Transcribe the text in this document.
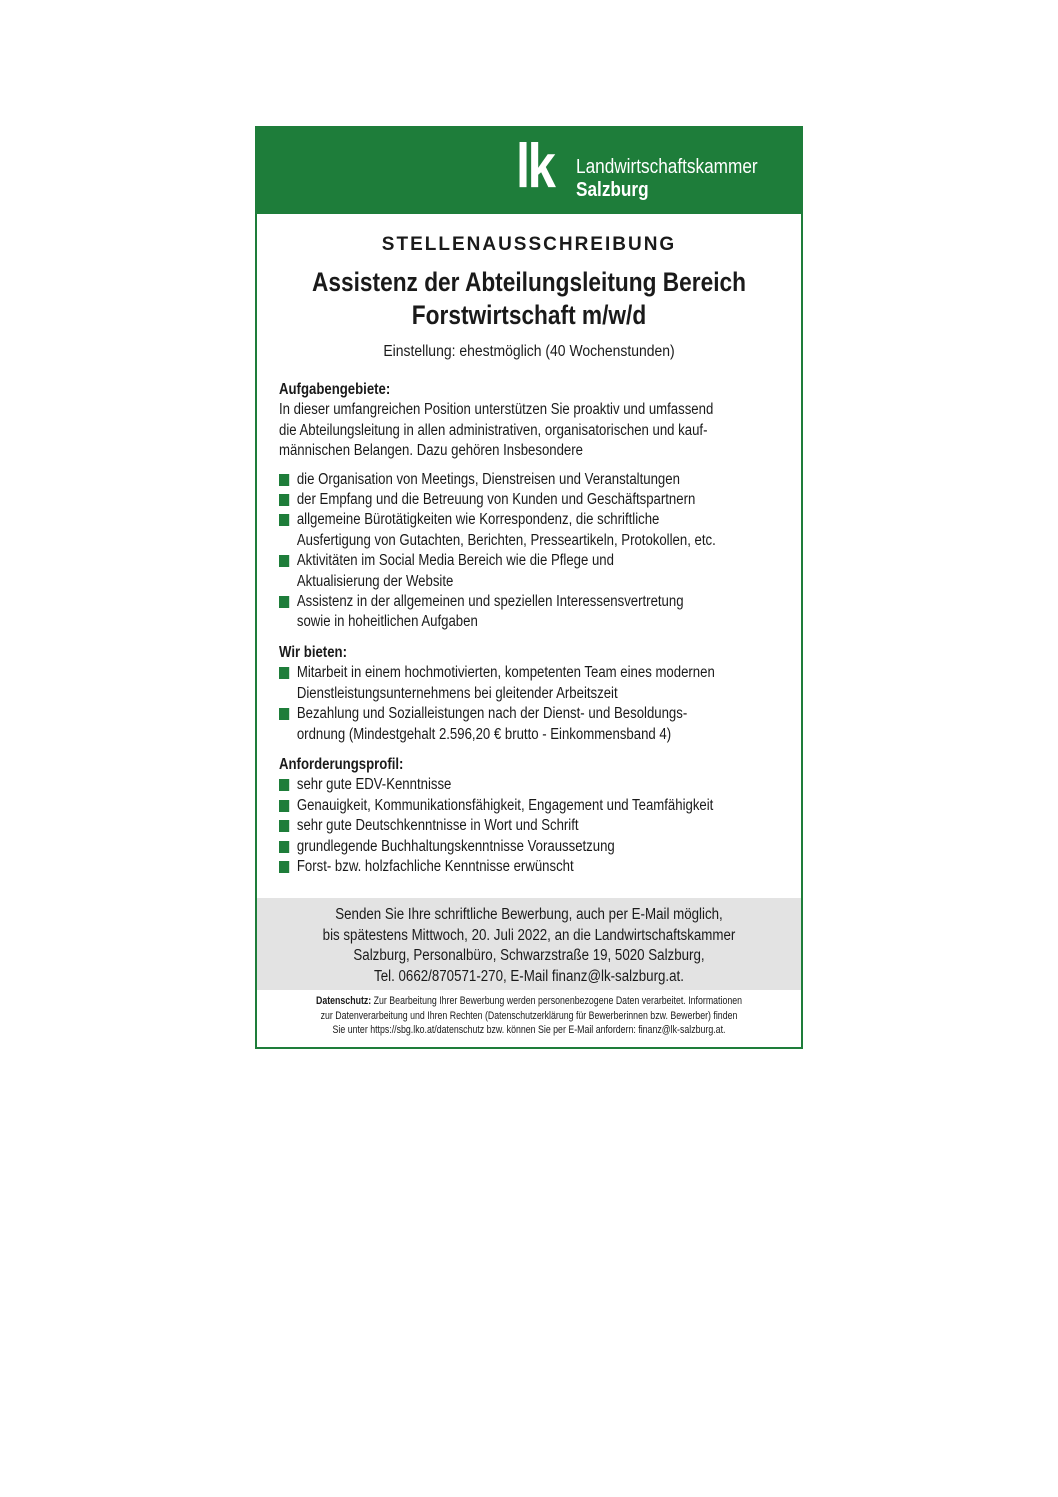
lk Landwirtschaftskammer
Salzburg
STELLENAUSSCHREIBUNG
Assistenz der Abteilungsleitung Bereich
Forstwirtschaft m/w/d
Einstellung: ehestmöglich (40 Wochenstunden)
Aufgabengebiete:
In dieser umfangreichen Position unterstützen Sie proaktiv und umfassend
die Abteilungsleitung in allen administrativen, organisatorischen und kauf-
männischen Belangen. Dazu gehören Insbesondere
die Organisation von Meetings, Dienstreisen und Veranstaltungen
der Empfang und die Betreuung von Kunden und Geschäftspartnern
allgemeine Bürotätigkeiten wie Korrespondenz, die schriftliche
Ausfertigung von Gutachten, Berichten, Presseartikeln, Protokollen, etc.
Aktivitäten im Social Media Bereich wie die Pflege und
Aktualisierung der Website
Assistenz in der allgemeinen und speziellen Interessensvertretung
sowie in hoheitlichen Aufgaben
Wir bieten:
Mitarbeit in einem hochmotivierten, kompetenten Team eines modernen
Dienstleistungsunternehmens bei gleitender Arbeitszeit
Bezahlung und Sozialleistungen nach der Dienst- und Besoldungs-
ordnung (Mindestgehalt 2.596,20 € brutto - Einkommensband 4)
Anforderungsprofil:
sehr gute EDV-Kenntnisse
Genauigkeit, Kommunikationsfähigkeit, Engagement und Teamfähigkeit
sehr gute Deutschkenntnisse in Wort und Schrift
grundlegende Buchhaltungskenntnisse Voraussetzung
Forst- bzw. holzfachliche Kenntnisse erwünscht
Senden Sie Ihre schriftliche Bewerbung, auch per E-Mail möglich,
bis spätestens Mittwoch, 20. Juli 2022, an die Landwirtschaftskammer
Salzburg, Personalbüro, Schwarzstraße 19, 5020 Salzburg,
Tel. 0662/870571-270, E-Mail finanz@lk-salzburg.at.
Datenschutz: Zur Bearbeitung Ihrer Bewerbung werden personenbezogene Daten verarbeitet. Informationen
zur Datenverarbeitung und Ihren Rechten (Datenschutzerklärung für Bewerberinnen bzw. Bewerber) finden
Sie unter https://sbg.lko.at/datenschutz bzw. können Sie per E-Mail anfordern: finanz@lk-salzburg.at.
